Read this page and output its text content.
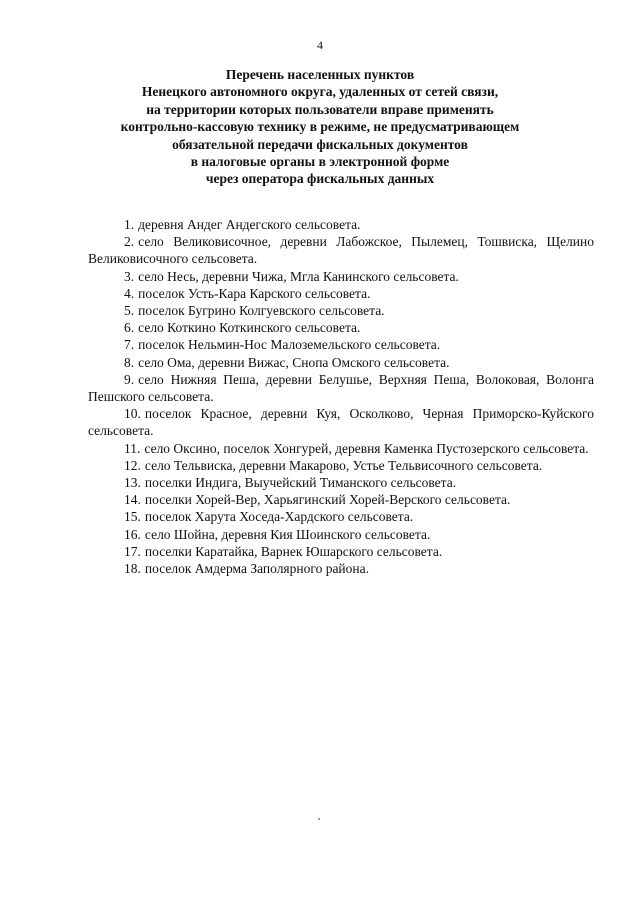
4
Перечень населенных пунктов
Ненецкого автономного округа, удаленных от сетей связи,
на территории которых пользователи вправе применять
контрольно-кассовую технику в режиме, не предусматривающем
обязательной передачи фискальных документов
в налоговые органы в электронной форме
через оператора фискальных данных

1. деревня Андег Андегского сельсовета.

2. село Великовисочное, деревни Лабожское, Пылемец, Тошвиска, Щелино Великовисочного сельсовета.

3. село Несь, деревни Чижа, Мгла Канинского сельсовета.

4. поселок Усть-Кара Карского сельсовета.

5. поселок Бугрино Колгуевского сельсовета.

6. село Коткино Коткинского сельсовета.

7. поселок Нельмин-Нос Малоземельского сельсовета.

8. село Ома, деревни Вижас, Снопа Омского сельсовета.

9. село Нижняя Пеша, деревни Белушье, Верхняя Пеша, Волоковая, Волонга Пешского сельсовета.

10. поселок Красное, деревни Куя, Осколково, Черная Приморско-Куйского сельсовета.

11. село Оксино, поселок Хонгурей, деревня Каменка Пустозерского сельсовета.

12. село Тельвиска, деревни Макарово, Устье Тельвисочного сельсовета.

13. поселки Индига, Выучейский Тиманского сельсовета.

14. поселки Хорей-Вер, Харьягинский Хорей-Верского сельсовета.

15. поселок Харута Хоседа-Хардского сельсовета.

16. село Шойна, деревня Кия Шоинского сельсовета.

17. поселки Каратайка, Варнек Юшарского сельсовета.

18. поселок Амдерма Заполярного района.
